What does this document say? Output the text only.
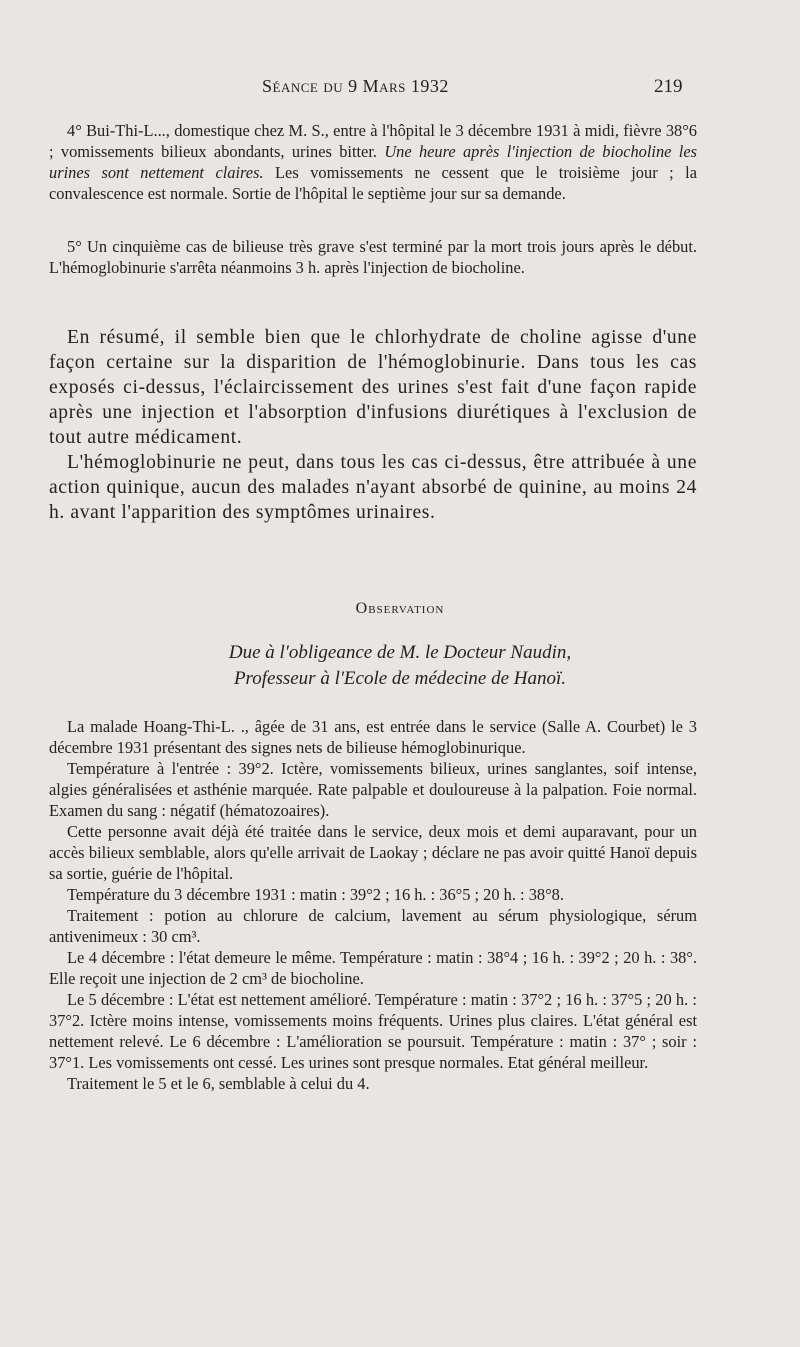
Séance du 9 Mars 1932	219

4° Bui-Thi-L..., domestique chez M. S., entre à l'hôpital le 3 décembre 1931 à midi, fièvre 38°6 ; vomissements bilieux abondants, urines bitter. Une heure après l'injection de biocholine les urines sont nettement claires. Les vomissements ne cessent que le troisième jour ; la convalescence est normale. Sortie de l'hôpital le septième jour sur sa demande.

5° Un cinquième cas de bilieuse très grave s'est terminé par la mort trois jours après le début. L'hémoglobinurie s'arrêta néanmoins 3 h. après l'injection de biocholine.

En résumé, il semble bien que le chlorhydrate de choline agisse d'une façon certaine sur la disparition de l'hémoglobinurie. Dans tous les cas exposés ci-dessus, l'éclaircissement des urines s'est fait d'une façon rapide après une injection et l'absorption d'infusions diurétiques à l'exclusion de tout autre médicament.

L'hémoglobinurie ne peut, dans tous les cas ci-dessus, être attribuée à une action quinique, aucun des malades n'ayant absorbé de quinine, au moins 24 h. avant l'apparition des symptômes urinaires.

Observation
Due à l'obligeance de M. le Docteur Naudin,
Professeur à l'Ecole de médecine de Hanoï.

La malade Hoang-Thi-L. ., âgée de 31 ans, est entrée dans le service (Salle A. Courbet) le 3 décembre 1931 présentant des signes nets de bilieuse hémoglobinurique.

Température à l'entrée : 39°2. Ictère, vomissements bilieux, urines sanglantes, soif intense, algies généralisées et asthénie marquée. Rate palpable et douloureuse à la palpation. Foie normal. Examen du sang : négatif (hématozoaires).

Cette personne avait déjà été traitée dans le service, deux mois et demi auparavant, pour un accès bilieux semblable, alors qu'elle arrivait de Laokay ; déclare ne pas avoir quitté Hanoï depuis sa sortie, guérie de l'hôpital.

Température du 3 décembre 1931 : matin : 39°2 ; 16 h. : 36°5 ; 20 h. : 38°8.

Traitement : potion au chlorure de calcium, lavement au sérum physiologique, sérum antivenimeux : 30 cm³.

Le 4 décembre : l'état demeure le même. Température : matin : 38°4 ; 16 h. : 39°2 ; 20 h. : 38°. Elle reçoit une injection de 2 cm³ de biocholine.

Le 5 décembre : L'état est nettement amélioré. Température : matin : 37°2 ; 16 h. : 37°5 ; 20 h. : 37°2. Ictère moins intense, vomissements moins fréquents. Urines plus claires. L'état général est nettement relevé. Le 6 décembre : L'amélioration se poursuit. Température : matin : 37° ; soir : 37°1. Les vomissements ont cessé. Les urines sont presque normales. Etat général meilleur.

Traitement le 5 et le 6, semblable à celui du 4.
